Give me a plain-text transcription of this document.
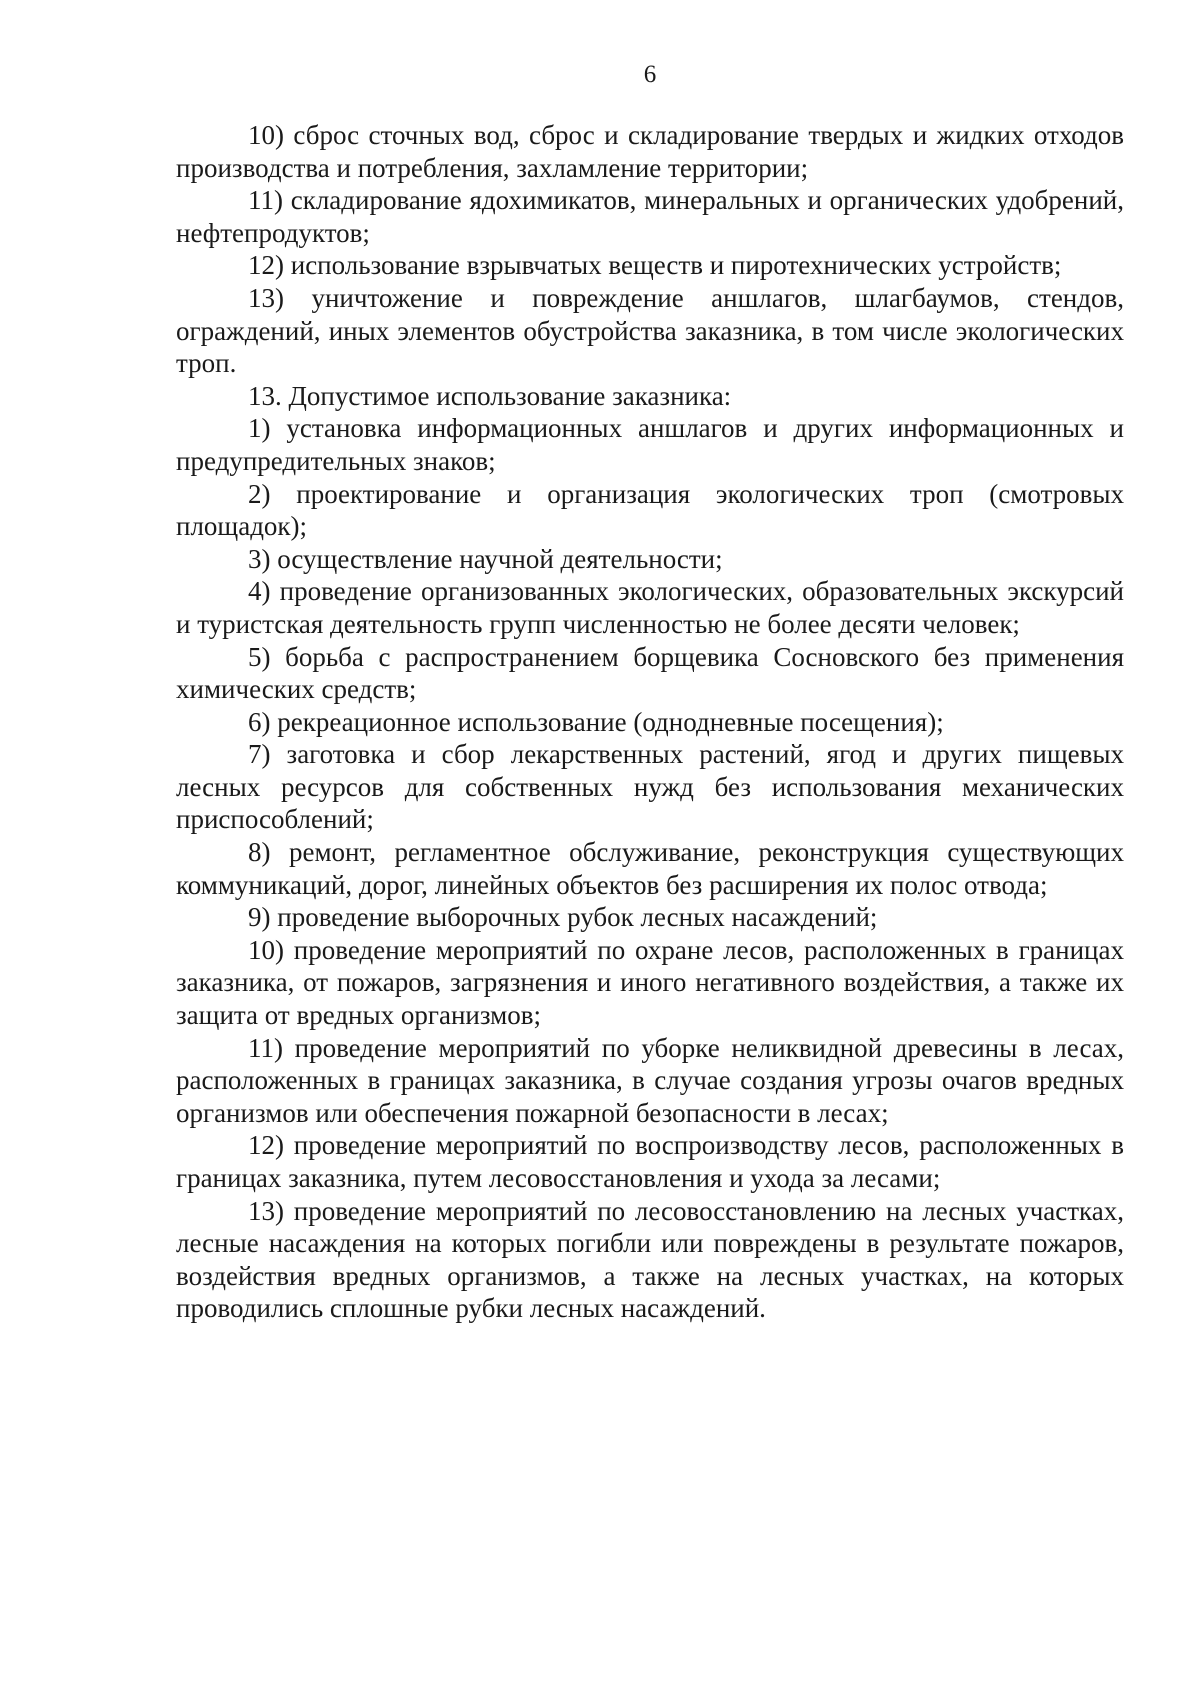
6

10) сброс сточных вод, сброс и складирование твердых и жидких отходов производства и потребления, захламление территории;

11) складирование ядохимикатов, минеральных и органических удобрений, нефтепродуктов;

12) использование взрывчатых веществ и пиротехнических устройств;

13) уничтожение и повреждение аншлагов, шлагбаумов, стендов, ограждений, иных элементов обустройства заказника, в том числе экологических троп.

13. Допустимое использование заказника:

1) установка информационных аншлагов и других информационных и предупредительных знаков;

2) проектирование и организация экологических троп (смотровых площадок);

3) осуществление научной деятельности;

4) проведение организованных экологических, образовательных экскурсий и туристская деятельность групп численностью не более десяти человек;

5) борьба с распространением борщевика Сосновского без применения химических средств;

6) рекреационное использование (однодневные посещения);

7) заготовка и сбор лекарственных растений, ягод и других пищевых лесных ресурсов для собственных нужд без использования механических приспособлений;

8) ремонт, регламентное обслуживание, реконструкция существующих коммуникаций, дорог, линейных объектов без расширения их полос отвода;

9) проведение выборочных рубок лесных насаждений;

10) проведение мероприятий по охране лесов, расположенных в границах заказника, от пожаров, загрязнения и иного негативного воздействия, а также их защита от вредных организмов;

11) проведение мероприятий по уборке неликвидной древесины в лесах, расположенных в границах заказника, в случае создания угрозы очагов вредных организмов или обеспечения пожарной безопасности в лесах;

12) проведение мероприятий по воспроизводству лесов, расположенных в границах заказника, путем лесовосстановления и ухода за лесами;

13) проведение мероприятий по лесовосстановлению на лесных участках, лесные насаждения на которых погибли или повреждены в результате пожаров, воздействия вредных организмов, а также на лесных участках, на которых проводились сплошные рубки лесных насаждений.
